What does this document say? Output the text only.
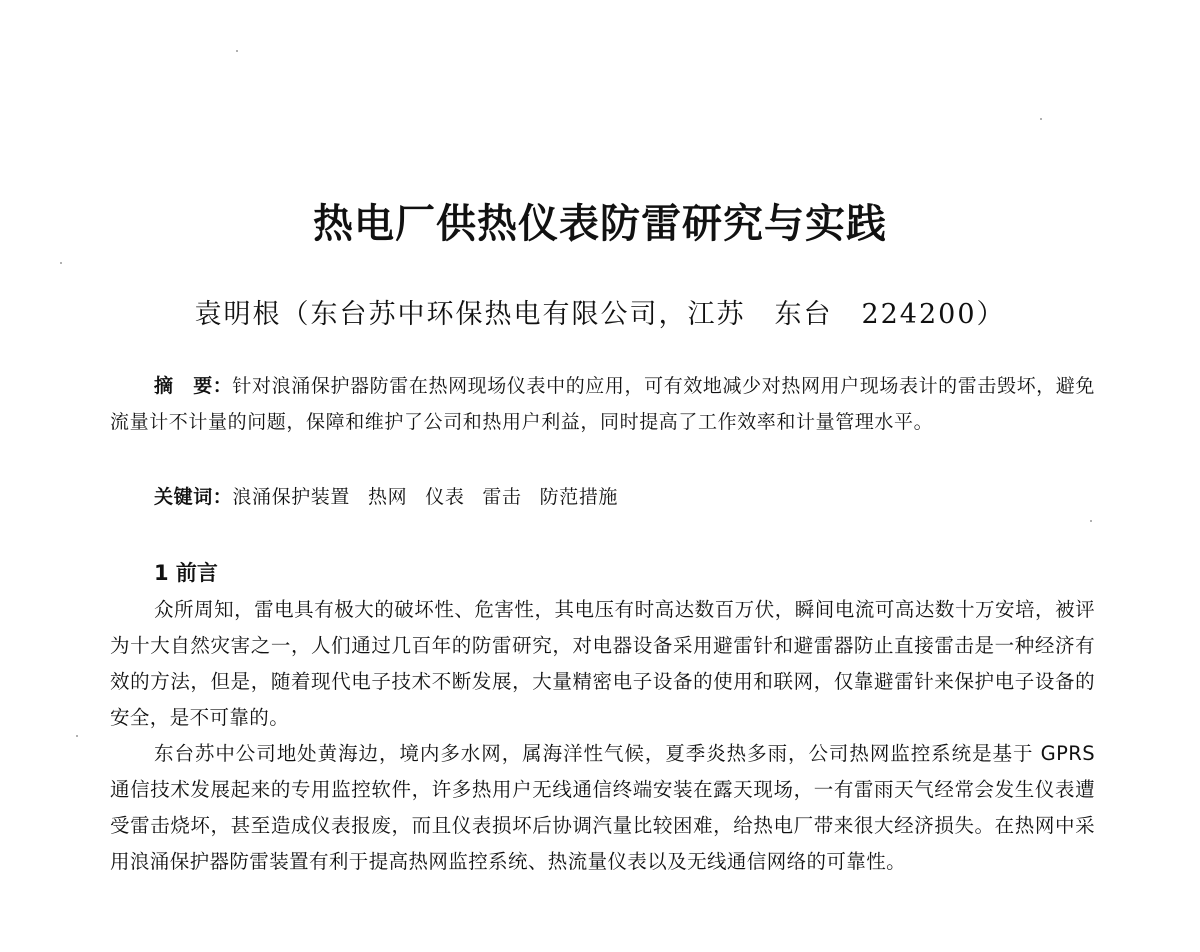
热电厂供热仪表防雷研究与实践
袁明根（东台苏中环保热电有限公司，江苏　东台　224200）
摘　要：针对浪涌保护器防雷在热网现场仪表中的应用，可有效地减少对热网用户现场表计的雷击毁坏，避免流量计不计量的问题，保障和维护了公司和热用户利益，同时提高了工作效率和计量管理水平。
关键词：浪涌保护装置 热网 仪表 雷击 防范措施
1 前言
众所周知，雷电具有极大的破坏性、危害性，其电压有时高达数百万伏，瞬间电流可高达数十万安培，被评为十大自然灾害之一，人们通过几百年的防雷研究，对电器设备采用避雷针和避雷器防止直接雷击是一种经济有效的方法，但是，随着现代电子技术不断发展，大量精密电子设备的使用和联网，仅靠避雷针来保护电子设备的安全，是不可靠的。
东台苏中公司地处黄海边，境内多水网，属海洋性气候，夏季炎热多雨，公司热网监控系统是基于 GPRS 通信技术发展起来的专用监控软件，许多热用户无线通信终端安装在露天现场，一有雷雨天气经常会发生仪表遭受雷击烧坏，甚至造成仪表报废，而且仪表损坏后协调汽量比较困难，给热电厂带来很大经济损失。在热网中采用浪涌保护器防雷装置有利于提高热网监控系统、热流量仪表以及无线通信网络的可靠性。
